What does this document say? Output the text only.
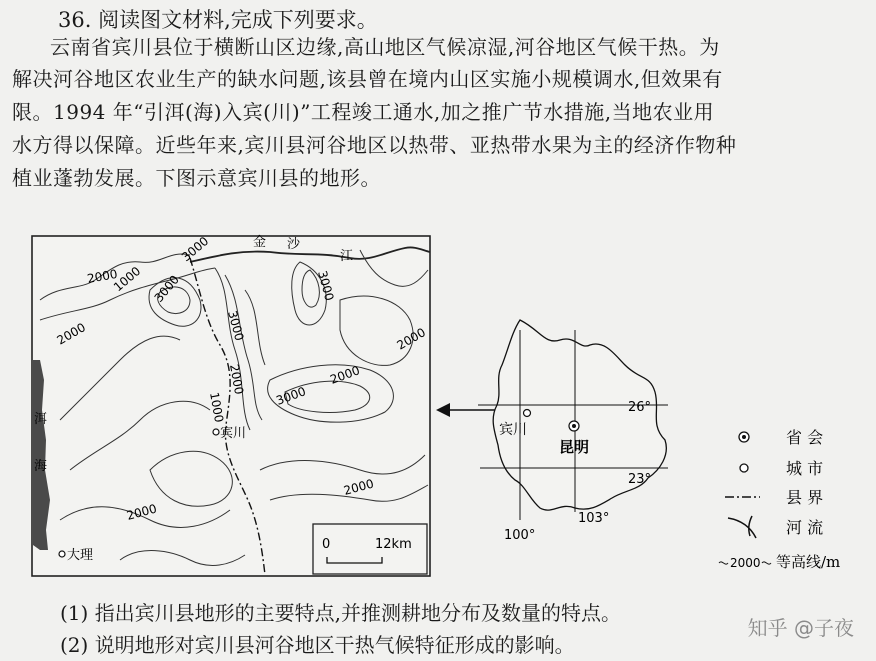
36. 阅读图文材料,完成下列要求。
云南省宾川县位于横断山区边缘,高山地区气候凉湿,河谷地区气候干热。为
解决河谷地区农业生产的缺水问题,该县曾在境内山区实施小规模调水,但效果有
限。1994 年“引洱(海)入宾(川)”工程竣工通水,加之推广节水措施,当地农业用
水方得以保障。近些年来,宾川县河谷地区以热带、亚热带水果为主的经济作物种
植业蓬勃发展。下图示意宾川县的地形。
2000
1000 3000
3000
3000
3000
2000
1000	3000
2000
2000
2000
2000
2000
金 沙
江
洱
海
宾川
大理
0	12km
26°
23°
100°
103°
宾川
昆明	省 会
城 市
县 界
河 流
2000 等高线/m
(1) 指出宾川县地形的主要特点,并推测耕地分布及数量的特点。
(2) 说明地形对宾川县河谷地区干热气候特征形成的影响。
知乎 @子夜
